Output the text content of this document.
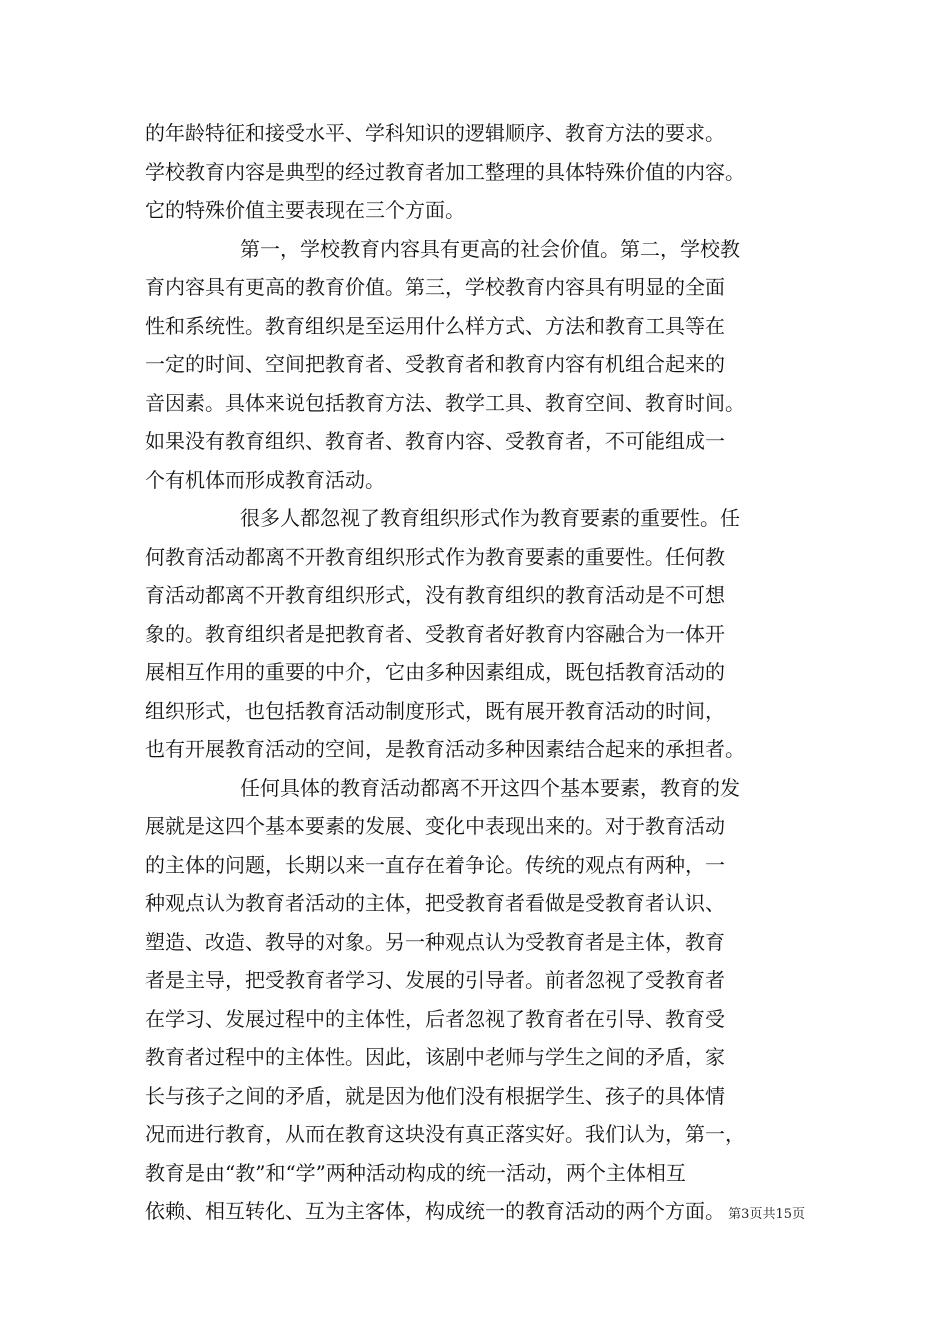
的年龄特征和接受水平、学科知识的逻辑顺序、教育方法的要求。
学校教育内容是典型的经过教育者加工整理的具体特殊价值的内容。
它的特殊价值主要表现在三个方面。
第一，学校教育内容具有更高的社会价值。第二，学校教
育内容具有更高的教育价值。第三，学校教育内容具有明显的全面
性和系统性。教育组织是至运用什么样方式、方法和教育工具等在
一定的时间、空间把教育者、受教育者和教育内容有机组合起来的
音因素。具体来说包括教育方法、教学工具、教育空间、教育时间。
如果没有教育组织、教育者、教育内容、受教育者，不可能组成一
个有机体而形成教育活动。
很多人都忽视了教育组织形式作为教育要素的重要性。任
何教育活动都离不开教育组织形式作为教育要素的重要性。任何教
育活动都离不开教育组织形式，没有教育组织的教育活动是不可想
象的。教育组织者是把教育者、受教育者好教育内容融合为一体开
展相互作用的重要的中介，它由多种因素组成，既包括教育活动的
组织形式，也包括教育活动制度形式，既有展开教育活动的时间，
也有开展教育活动的空间，是教育活动多种因素结合起来的承担者。
任何具体的教育活动都离不开这四个基本要素，教育的发
展就是这四个基本要素的发展、变化中表现出来的。对于教育活动
的主体的问题，长期以来一直存在着争论。传统的观点有两种，一
种观点认为教育者活动的主体，把受教育者看做是受教育者认识、
塑造、改造、教导的对象。另一种观点认为受教育者是主体，教育
者是主导，把受教育者学习、发展的引导者。前者忽视了受教育者
在学习、发展过程中的主体性，后者忽视了教育者在引导、教育受
教育者过程中的主体性。因此，该剧中老师与学生之间的矛盾，家
长与孩子之间的矛盾，就是因为他们没有根据学生、孩子的具体情
况而进行教育，从而在教育这块没有真正落实好。我们认为，第一，
教育是由“教”和“学”两种活动构成的统一活动，两个主体相互
依赖、相互转化、互为主客体，构成统一的教育活动的两个方面。 第3页共15页
